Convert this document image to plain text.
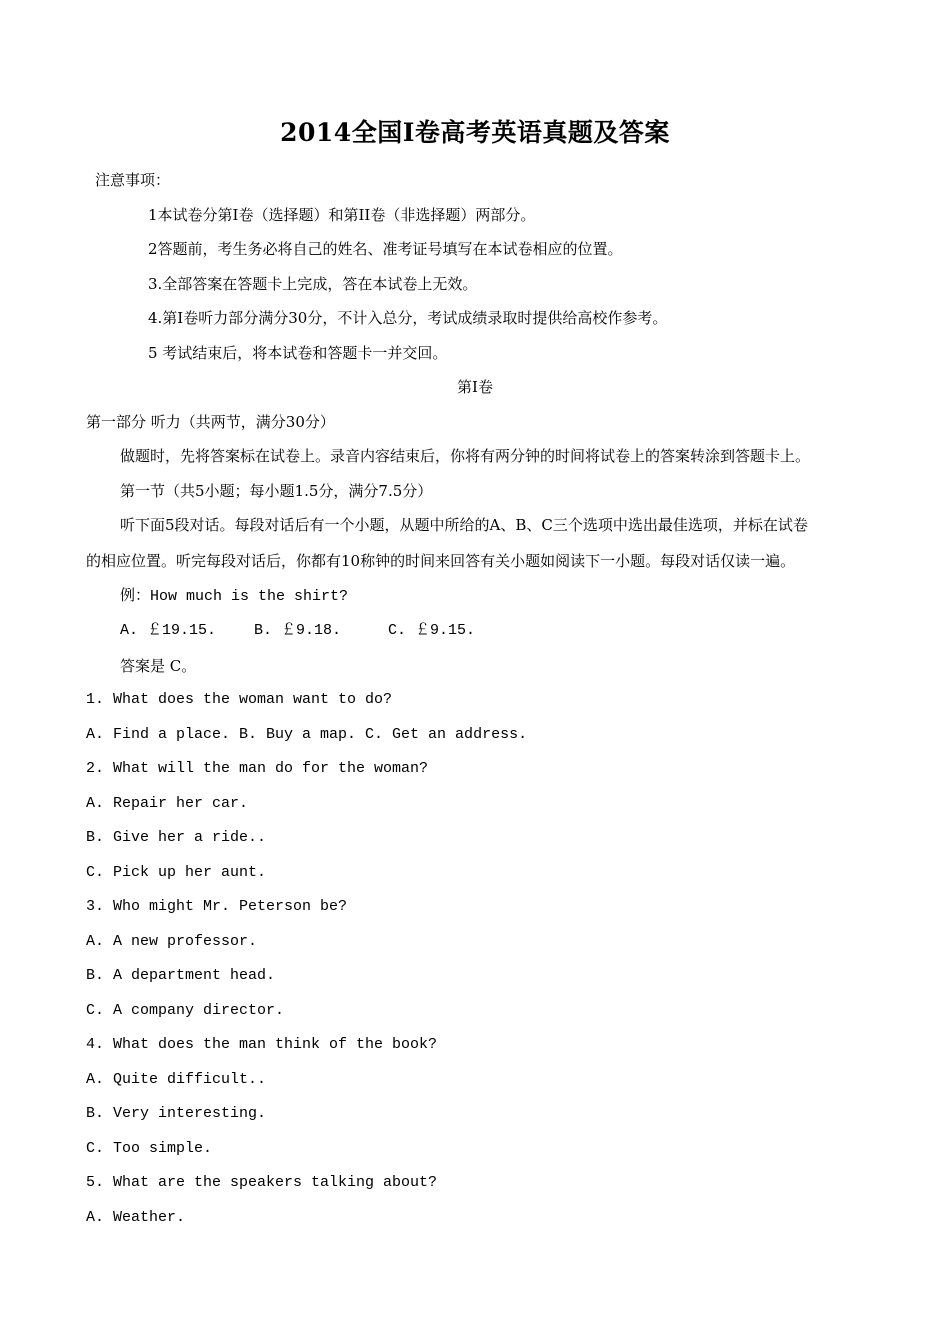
2014全国Ⅰ卷高考英语真题及答案
注意事项：
1本试卷分第Ⅰ卷（选择题）和第II卷（非选择题）两部分。
2答题前，考生务必将自己的姓名、准考证号填写在本试卷相应的位置。
3.全部答案在答题卡上完成，答在本试卷上无效。
4.第Ⅰ卷听力部分满分30分，不计入总分，考试成绩录取时提供给高校作参考。
5 考试结束后，将本试卷和答题卡一并交回。
第Ⅰ卷
第一部分 听力（共两节，满分30分）
做题时，先将答案标在试卷上。录音内容结束后，你将有两分钟的时间将试卷上的答案转涂到答题卡上。
第一节（共5小题；每小题1.5分，满分7.5分）
听下面5段对话。每段对话后有一个小题，从题中所给的A、B、C三个选项中选出最佳选项，并标在试卷
的相应位置。听完每段对话后，你都有10称钟的时间来回答有关小题如阅读下一小题。每段对话仅读一遍。
例：How much is the shirt?
A. ￡19.15.	B. ￡9.18.	C. ￡9.15.
答案是 C。
1. What does the woman want to do?
A. Find a place. B. Buy a map. C. Get an address.
2. What will the man do for the woman?
A. Repair her car.
B. Give her a ride..
C. Pick up her aunt.
3. Who might Mr. Peterson be?
A. A new professor.
B. A department head.
C. A company director.
4. What does the man think of the book?
A. Quite difficult..
B. Very interesting.
C. Too simple.
5. What are the speakers talking about?
A. Weather.
